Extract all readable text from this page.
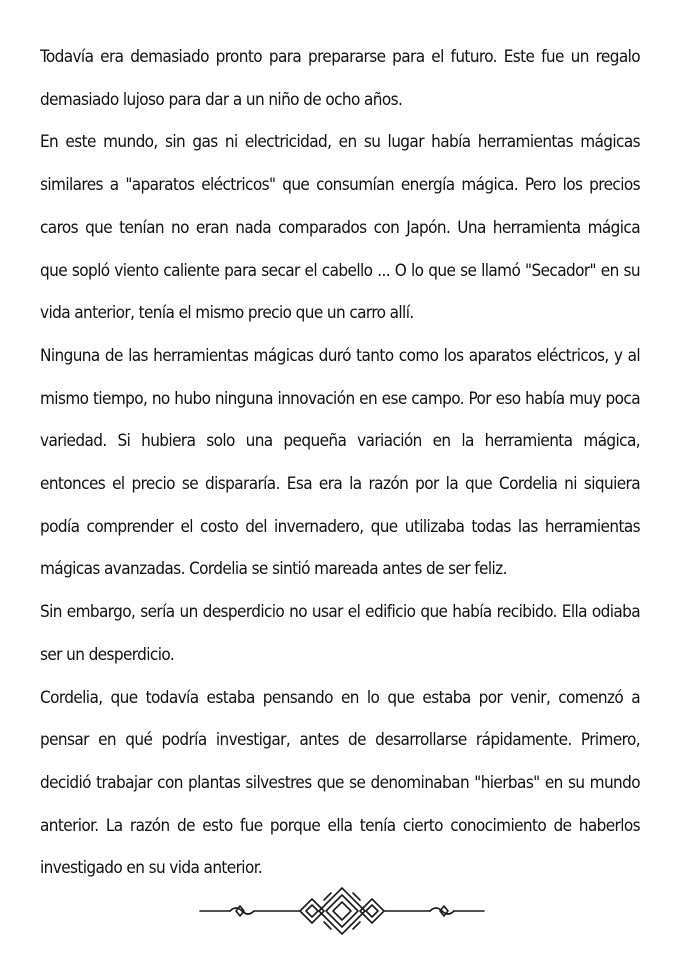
Todavía era demasiado pronto para prepararse para el futuro. Este fue un regalo demasiado lujoso para dar a un niño de ocho años.

En este mundo, sin gas ni electricidad, en su lugar había herramientas mágicas similares a "aparatos eléctricos" que consumían energía mágica. Pero los precios caros que tenían no eran nada comparados con Japón. Una herramienta mágica que sopló viento caliente para secar el cabello ... O lo que se llamó "Secador" en su vida anterior, tenía el mismo precio que un carro allí.

Ninguna de las herramientas mágicas duró tanto como los aparatos eléctricos, y al mismo tiempo, no hubo ninguna innovación en ese campo. Por eso había muy poca variedad. Si hubiera solo una pequeña variación en la herramienta mágica, entonces el precio se dispararía. Esa era la razón por la que Cordelia ni siquiera podía comprender el costo del invernadero, que utilizaba todas las herramientas mágicas avanzadas. Cordelia se sintió mareada antes de ser feliz.

Sin embargo, sería un desperdicio no usar el edificio que había recibido. Ella odiaba ser un desperdicio.

Cordelia, que todavía estaba pensando en lo que estaba por venir, comenzó a pensar en qué podría investigar, antes de desarrollarse rápidamente. Primero, decidió trabajar con plantas silvestres que se denominaban "hierbas" en su mundo anterior. La razón de esto fue porque ella tenía cierto conocimiento de haberlos investigado en su vida anterior.
